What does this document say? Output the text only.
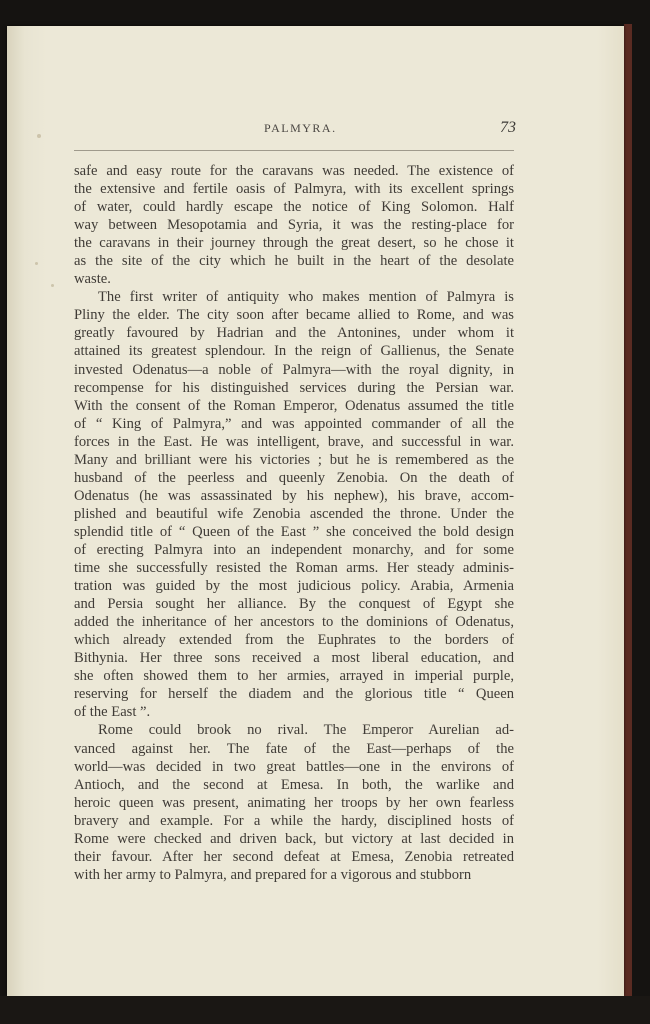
PALMYRA.	73
safe and easy route for the caravans was needed. The existence of
the extensive and fertile oasis of Palmyra, with its excellent springs
of water, could hardly escape the notice of King Solomon. Half
way between Mesopotamia and Syria, it was the resting-place for
the caravans in their journey through the great desert, so he chose it
as the site of the city which he built in the heart of the desolate
waste.
The first writer of antiquity who makes mention of Palmyra is
Pliny the elder. The city soon after became allied to Rome, and was
greatly favoured by Hadrian and the Antonines, under whom it
attained its greatest splendour. In the reign of Gallienus, the Senate
invested Odenatus—a noble of Palmyra—with the royal dignity, in
recompense for his distinguished services during the Persian war.
With the consent of the Roman Emperor, Odenatus assumed the title
of “ King of Palmyra,” and was appointed commander of all the
forces in the East. He was intelligent, brave, and successful in war.
Many and brilliant were his victories ; but he is remembered as the
husband of the peerless and queenly Zenobia. On the death of
Odenatus (he was assassinated by his nephew), his brave, accom-
plished and beautiful wife Zenobia ascended the throne. Under the
splendid title of “ Queen of the East ” she conceived the bold design
of erecting Palmyra into an independent monarchy, and for some
time she successfully resisted the Roman arms. Her steady adminis-
tration was guided by the most judicious policy. Arabia, Armenia
and Persia sought her alliance. By the conquest of Egypt she
added the inheritance of her ancestors to the dominions of Odenatus,
which already extended from the Euphrates to the borders of
Bithynia. Her three sons received a most liberal education, and
she often showed them to her armies, arrayed in imperial purple,
reserving for herself the diadem and the glorious title “ Queen
of the East ”.
Rome could brook no rival. The Emperor Aurelian ad-
vanced against her. The fate of the East—perhaps of the
world—was decided in two great battles—one in the environs of
Antioch, and the second at Emesa. In both, the warlike and
heroic queen was present, animating her troops by her own fearless
bravery and example. For a while the hardy, disciplined hosts of
Rome were checked and driven back, but victory at last decided in
their favour. After her second defeat at Emesa, Zenobia retreated
with her army to Palmyra, and prepared for a vigorous and stubborn
